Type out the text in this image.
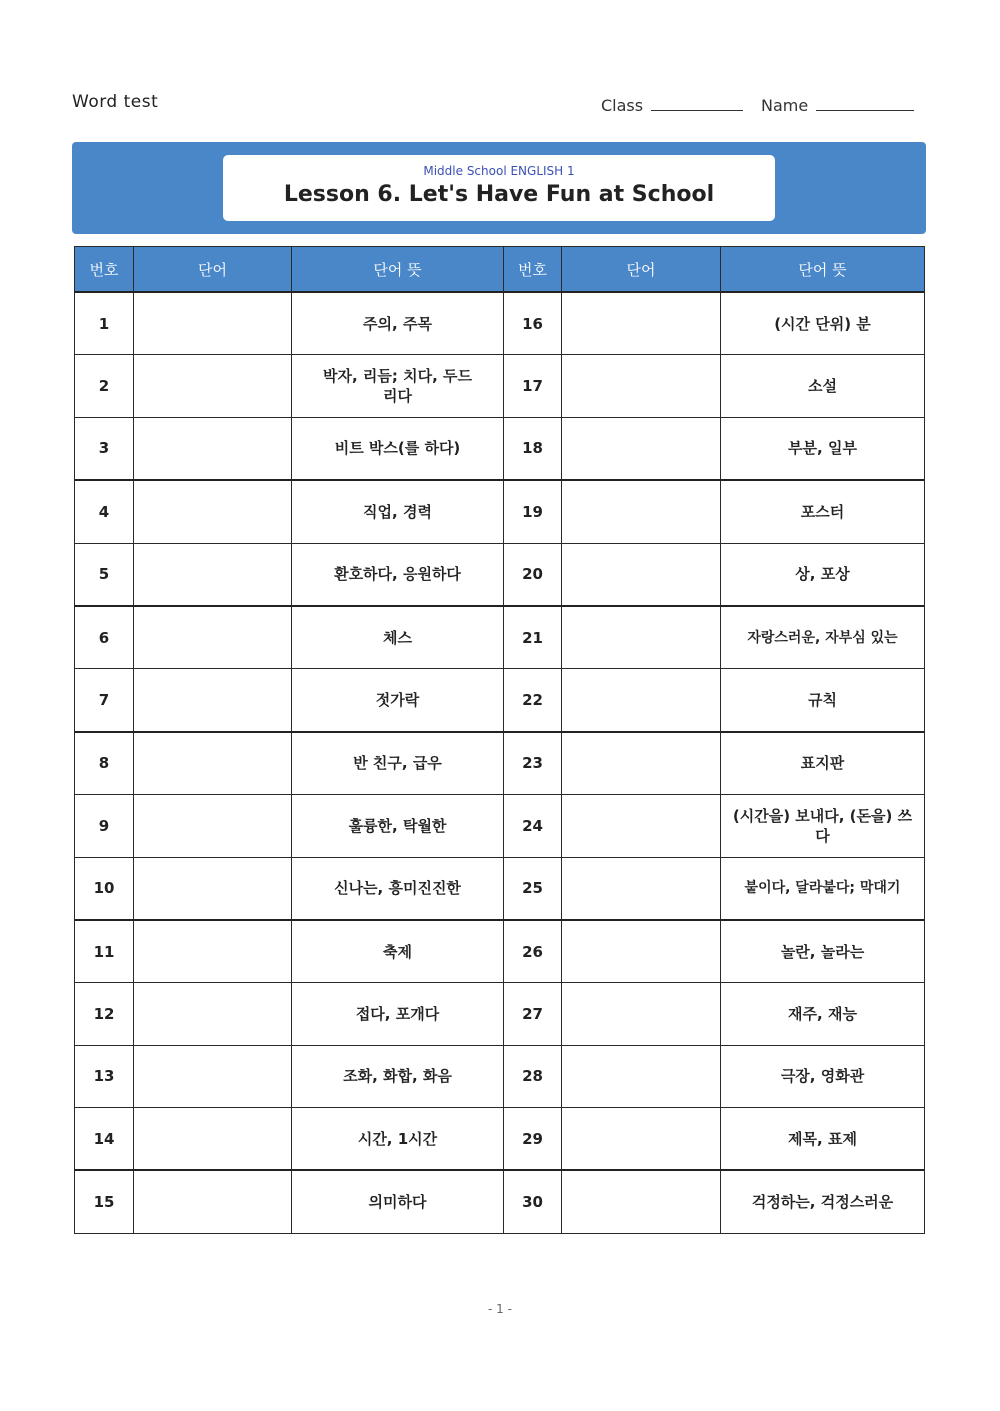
Word test	Class	Name
Middle School ENGLISH 1
Lesson 6. Let's Have Fun at School
번호	단어	단어 뜻	번호	단어	단어 뜻
1		주의, 주목	16		(시간 단위) 분
2		박자, 리듬; 치다, 두드리다	17		소설
3		비트 박스(를 하다)	18		부분, 일부
4		직업, 경력	19		포스터
5		환호하다, 응원하다	20		상, 포상
6		체스	21		자랑스러운, 자부심 있는
7		젓가락	22		규칙
8		반 친구, 급우	23		표지판
9		훌륭한, 탁월한	24		(시간을) 보내다, (돈을) 쓰다
10		신나는, 흥미진진한	25		붙이다, 달라붙다; 막대기
11		축제	26		놀란, 놀라는
12		접다, 포개다	27		재주, 재능
13		조화, 화합, 화음	28		극장, 영화관
14		시간, 1시간	29		제목, 표제
15		의미하다	30		걱정하는, 걱정스러운
- 1 -
